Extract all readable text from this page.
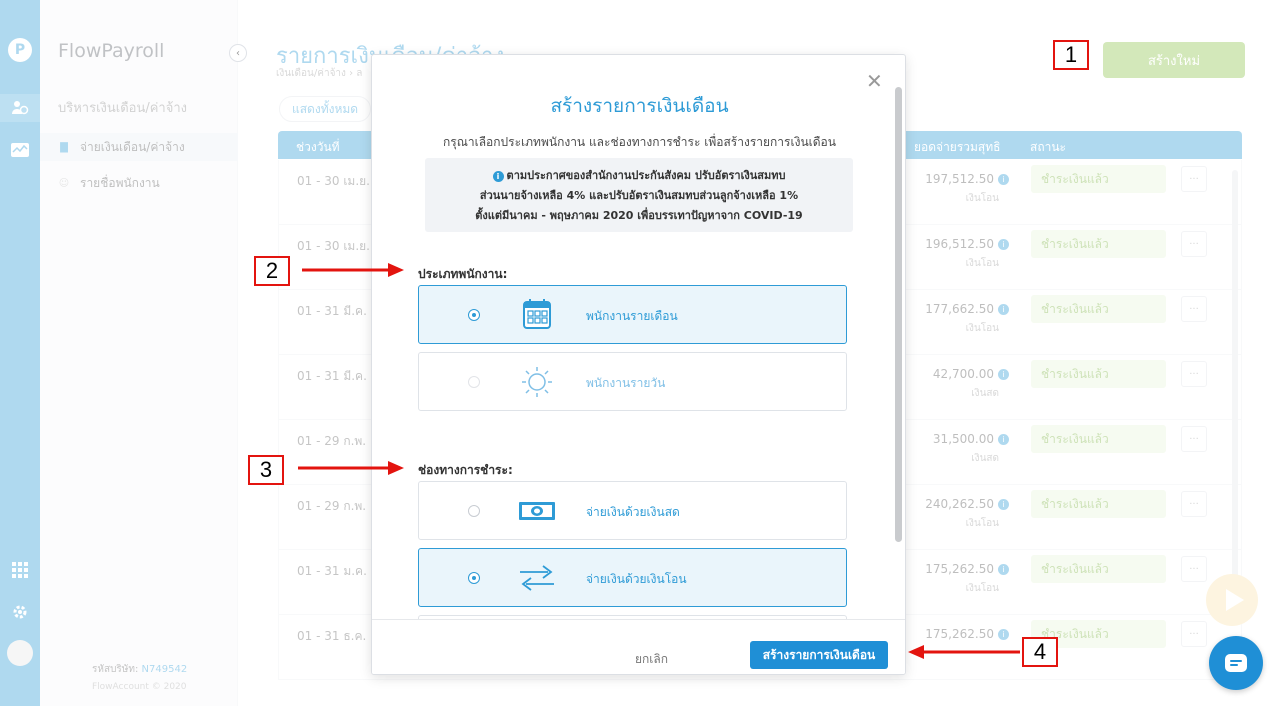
‹
✕
สร้างรายการเงินเดือน
กรุณาเลือกประเภทพนักงาน และช่องทางการชำระ เพื่อสร้างรายการเงินเดือน
i ตามประกาศของสำนักงานประกันสังคม ปรับอัตราเงินสมทบ
ส่วนนายจ้างเหลือ 4% และปรับอัตราเงินสมทบส่วนลูกจ้างเหลือ 1%
ตั้งแต่มีนาคม - พฤษภาคม 2020 เพื่อบรรเทาปัญหาจาก COVID-19
ประเภทพนักงาน:
พนักงานรายเดือน
พนักงานรายวัน
ช่องทางการชำระ:
จ่ายเงินด้วยเงินสด
จ่ายเงินด้วยเงินโอน
ยกเลิก	สร้างรายการเงินเดือน
1
2
3
4
